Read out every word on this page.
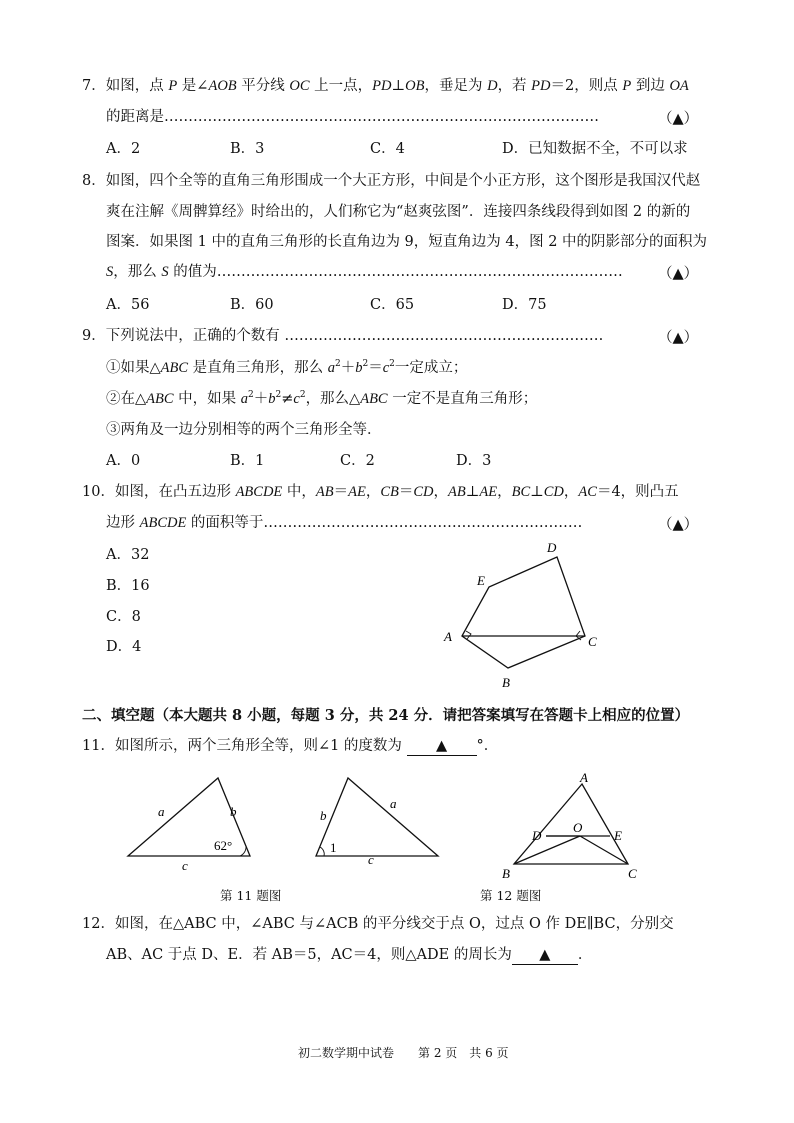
7．如图，点 P 是∠AOB 平分线 OC 上一点，PD⊥OB，垂足为 D，若 PD＝2，则点 P 到边 OA
的距离是………………………………………………………………………………	（▲）
A．2	B．3	C．4	D．已知数据不全，不可以求
8．如图，四个全等的直角三角形围成一个大正方形，中间是个小正方形，这个图形是我国汉代赵
爽在注解《周髀算经》时给出的，人们称它为“赵爽弦图”．连接四条线段得到如图 2 的新的
图案．如果图 1 中的直角三角形的长直角边为 9，短直角边为 4，图 2 中的阴影部分的面积为
S，那么 S 的值为………………………………………………………………………… （▲）
A．56	B．60	C．65	D．75
9．下列说法中，正确的个数有 …………………………………………………………	（▲）
①如果△ABC 是直角三角形，那么 $a^2+b^2=c^2$一定成立；
②在△ABC 中，如果 $a^2+b^2\ne c^2$，那么△ABC 一定不是直角三角形；
③两角及一边分别相等的两个三角形全等．
A．0	B．1	C．2	D．3
10．如图，在凸五边形 ABCDE 中，AB＝AE，CB＝CD，AB⊥AE，BC⊥CD，AC＝4，则凸五
边形 ABCDE 的面积等于…………………………………………………………	（▲）
A．32
B．16
C．8
D．4
A
B
C
D
E
二、填空题（本大题共 8 小题，每题 3 分，共 24 分．请把答案填写在答题卡上相应的位置）
11．如图所示，两个三角形全等，则∠1 的度数为 ▲ °．
a	b
c
62°
b
a
c
1
第 11 题图
A
B	C
D	E
O
第 12 题图
12．如图，在△ABC 中，∠ABC 与∠ACB 的平分线交于点 O，过点 O 作 DE∥BC，分别交
AB、AC 于点 D、E．若 AB＝5，AC＝4，则△ADE 的周长为 ▲ ．
初二数学期中试卷 第 2 页　共 6 页
